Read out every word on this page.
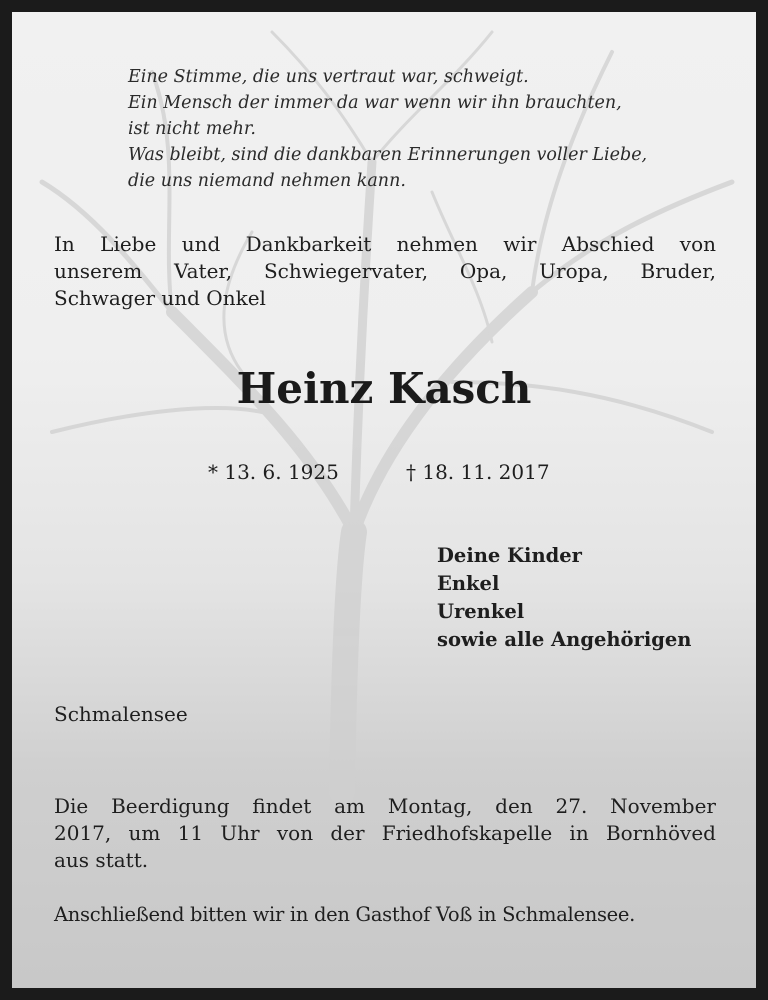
Eine Stimme, die uns vertraut war, schweigt.
Ein Mensch der immer da war wenn wir ihn brauchten,
ist nicht mehr.
Was bleibt, sind die dankbaren Erinnerungen voller Liebe,
die uns niemand nehmen kann.
In Liebe und Dankbarkeit nehmen wir Abschied von
unserem Vater, Schwiegervater, Opa, Uropa, Bruder,
Schwager und Onkel
Heinz Kasch
* 13. 6. 1925	† 18. 11. 2017
Deine Kinder
Enkel
Urenkel
sowie alle Angehörigen
Schmalensee
Die Beerdigung findet am Montag, den 27. November
2017, um 11 Uhr von der Friedhofskapelle in Bornhöved
aus statt.
Anschließend bitten wir in den Gasthof Voß in Schmalensee.
